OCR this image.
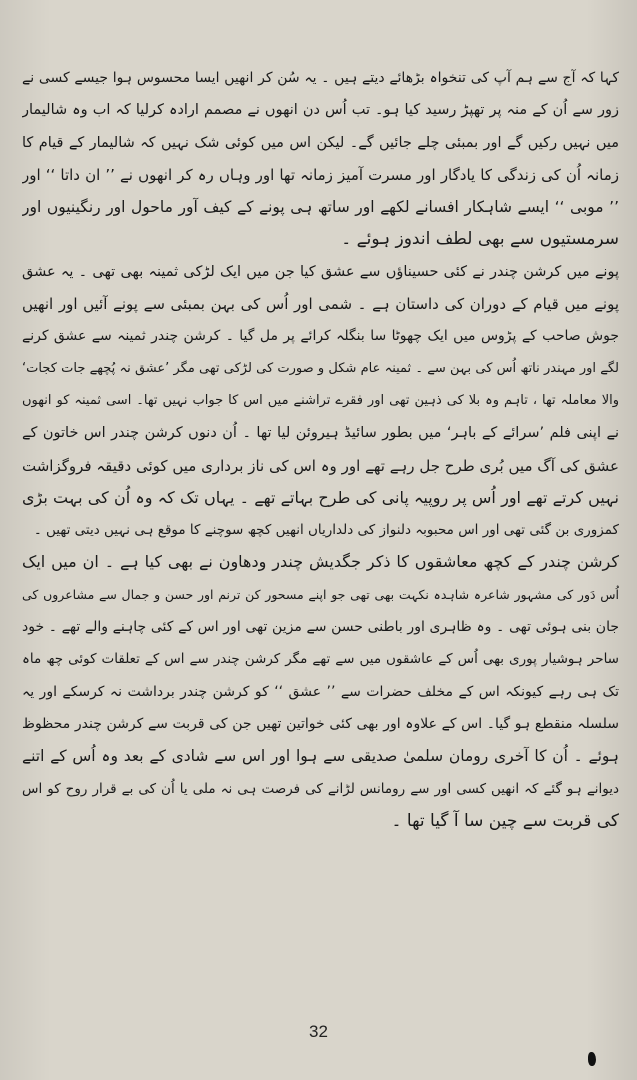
کہا کہ آج سے ہم آپ کی تنخواہ بڑھائے دیتے ہیں ۔ یہ سُن کر انھیں ایسا محسوس ہوا جیسے کسی نے
زور سے اُن کے منہ پر تھپڑ رسید کیا ہو۔ تب اُس دن انھوں نے مصمم ارادہ کرلیا کہ اب وہ شالیمار
میں نہیں رکیں گے اور بمبئی چلے جائیں گے۔ لیکن اس میں کوئی شک نہیں کہ شالیمار کے قیام کا
زمانہ اُن کی زندگی کا یادگار اور مسرت آمیز زمانہ تھا اور وہاں رہ کر انھوں نے ’’ ان داتا ‘‘ اور
’’ موبی ‘‘ ایسے شاہکار افسانے لکھے اور ساتھ ہی پونے کے کیف آور ماحول اور رنگینیوں اور
سرمستیوں سے بھی لطف اندوز ہوئے ۔
پونے میں کرشن چندر نے کئی حسیناؤں سے عشق کیا جن میں ایک لڑکی ثمینہ بھی تھی ۔ یہ عشق
پونے میں قیام کے دوران کی داستان ہے ۔ شمی اور اُس کی بہن بمبئی سے پونے آئیں اور انھیں
جوش صاحب کے پڑوس میں ایک چھوٹا سا بنگلہ کرائے پر مل گیا ۔ کرشن چندر ثمینہ سے عشق کرنے
لگے اور مہندر ناتھ اُس کی بہن سے ۔ ثمینہ عام شکل و صورت کی لڑکی تھی مگر ’عشق نہ پُچھے جات کجات‘
والا معاملہ تھا ، تاہم وہ بلا کی ذہین تھی اور فقرے تراشنے میں اس کا جواب نہیں تھا۔ اسی ثمینہ کو انھوں
نے اپنی فلم ’سرائے کے باہر‘ میں بطور سائیڈ ہیروئن لیا تھا ۔ اُن دنوں کرشن چندر اس خاتون کے
عشق کی آگ میں بُری طرح جل رہے تھے اور وہ اس کی ناز برداری میں کوئی دقیقہ فروگزاشت
نہیں کرتے تھے اور اُس پر روپیہ پانی کی طرح بہاتے تھے ۔ یہاں تک کہ وہ اُن کی بہت بڑی
کمزوری بن گئی تھی اور اس محبوبہ دلنواز کی دلداریاں انھیں کچھ سوچنے کا موقع ہی نہیں دیتی تھیں ۔
کرشن چندر کے کچھ معاشقوں کا ذکر جگدیش چندر ودھاون نے بھی کیا ہے ۔ ان میں ایک
اُس دَور کی مشہور شاعرہ شاہدہ نکہت بھی تھی جو اپنے مسحور کن ترنم اور حسن و جمال سے مشاعروں کی
جان بنی ہوئی تھی ۔ وہ ظاہری اور باطنی حسن سے مزین تھی اور اس کے کئی چاہنے والے تھے ۔ خود
ساحر ہوشیار پوری بھی اُس کے عاشقوں میں سے تھے مگر کرشن چندر سے اس کے تعلقات کوئی چھ ماہ
تک ہی رہے کیونکہ اس کے مخلف حضرات سے ’’ عشق ‘‘ کو کرشن چندر برداشت نہ کرسکے اور یہ
سلسلہ منقطع ہو گیا۔ اس کے علاوہ اور بھی کئی خواتین تھیں جن کی قربت سے کرشن چندر محظوظ
ہوئے ۔ اُن کا آخری رومان سلمیٰ صدیقی سے ہوا اور اس سے شادی کے بعد وہ اُس کے اتنے
دیوانے ہو گئے کہ انھیں کسی اور سے رومانس لڑانے کی فرصت ہی نہ ملی یا اُن کی بے قرار روح کو اس
کی قربت سے چین سا آ گیا تھا ۔
32
